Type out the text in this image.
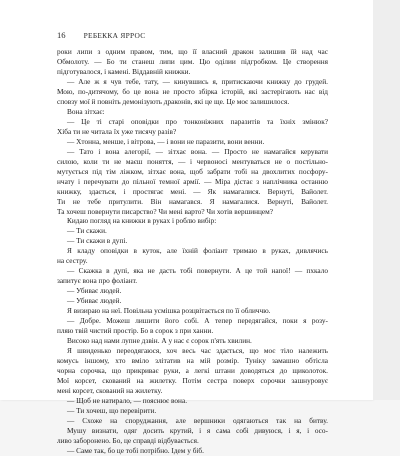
16 РЕБЕККА ЯРРОС
роки липи з одним правом, тим, що її власний дракон залишив їй над час
Обмолоту. — Бо ти станеш липи цим. Цю оділии підгробком. Це створення
підготувалося, і камені. Віддавній книжки.
— Але ж я чув тебе, тату, — кинувшись я, притискаючи книжку до грудей.
Мою, по-дитячому, бо це вона не просто збірка історій, які застерігають нас від
сповзу мої й повніть демонізують драконів, які це ще. Це моє залишилося.
Вона зітхає:
— Це ті старі оповідки про тонконіжних паразитів та їхніх змінюк?
Хіба ти не читала їх уже тисячу разів?
— Хтонна, менше, і вітрова, — і вони не паразити, вони венни.
— Тато і вона алегорії, — зітхає вона. — Просто не намагайся керувати
силою, коли ти не маєш поняття, — і червоносі ментуваться не о постільно-
мутується під тім ліжком, зітхає вона, щоб забрати тобі на двохлитих посфору-
нчату і перечувати до пільної темної армії. — Міра дістає з наплічника останню
книжку, здається, і простягає мені. — Як намагалися. Вернуті, Вайолет.
Ти не тебе притулити. Він намагався. Я намагалися. Вернуті, Вайолет.
Та хочеш повернути писарство? Чи мені варто? Чи хотів вершинцем?
Кидаю погляд на книжки в руках і роблю вибір:
— Ти скажи.
— Ти скажи в дупі.
Я кладу оповідки в куток, але їхній фоліант тримаю в руках, дивлячись
на сестру.
— Скажка в дупі, яка не дасть тобі повернути. А це той напої! — пхкало
запитує вона про фоліант.
— Убиває людей.
— Убиває людей.
Я визираю на неї. Повільна усмішка розцвітається по її обличчю.
— Добре. Можеш лишити його собі. А тепер передягайся, поки я розу-
пляю твій чистий простір. Бо в сорок з при ханни.
Високо над нами лупне дзвін. А у нас є сорок п'ять хвилин.
Я швиденько переодягаюся, хоч весь час здається, що моє тіло належить
комусь іншому, хто вміло злітатив на мій розмір. Туніку замашно обтісла
чорна сорочка, що прикриває руки, а легкі штани доводяться до щиколоток.
Мої корсет, скований на жилетку. Потім сестра поверх сорочки зашнуровує
мені корсет, скований на жилетку.
— Щоб не натирало, — пояснює вона.
— Ти хочеш, що перевірити.
— Схоже на споруджання, але вершники одягаються так на битву.
Мушу визнати, одяг досить крутий, і я сама собі дивуюся, і я, і осо-
ливо заборонено. Бо, це справді відбувається.
— Саме так, бо це тобі потрібно. Ідем у біб.
